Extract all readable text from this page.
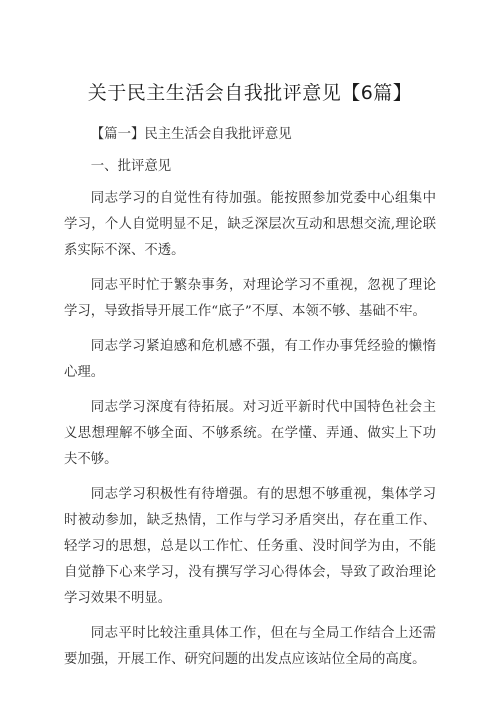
关于民主生活会自我批评意见【6篇】

【篇一】民主生活会自我批评意见

一、批评意见

同志学习的自觉性有待加强。能按照参加党委中心组集中学习，个人自觉明显不足，缺乏深层次互动和思想交流,理论联系实际不深、不透。

同志平时忙于繁杂事务，对理论学习不重视，忽视了理论学习，导致指导开展工作“底子”不厚、本领不够、基础不牢。

同志学习紧迫感和危机感不强，有工作办事凭经验的懒惰心理。

同志学习深度有待拓展。对习近平新时代中国特色社会主义思想理解不够全面、不够系统。在学懂、弄通、做实上下功夫不够。

同志学习积极性有待增强。有的思想不够重视，集体学习时被动参加，缺乏热情，工作与学习矛盾突出，存在重工作、轻学习的思想，总是以工作忙、任务重、没时间学为由，不能自觉静下心来学习，没有撰写学习心得体会，导致了政治理论学习效果不明显。

同志平时比较注重具体工作，但在与全局工作结合上还需要加强，开展工作、研究问题的出发点应该站位全局的高度。
